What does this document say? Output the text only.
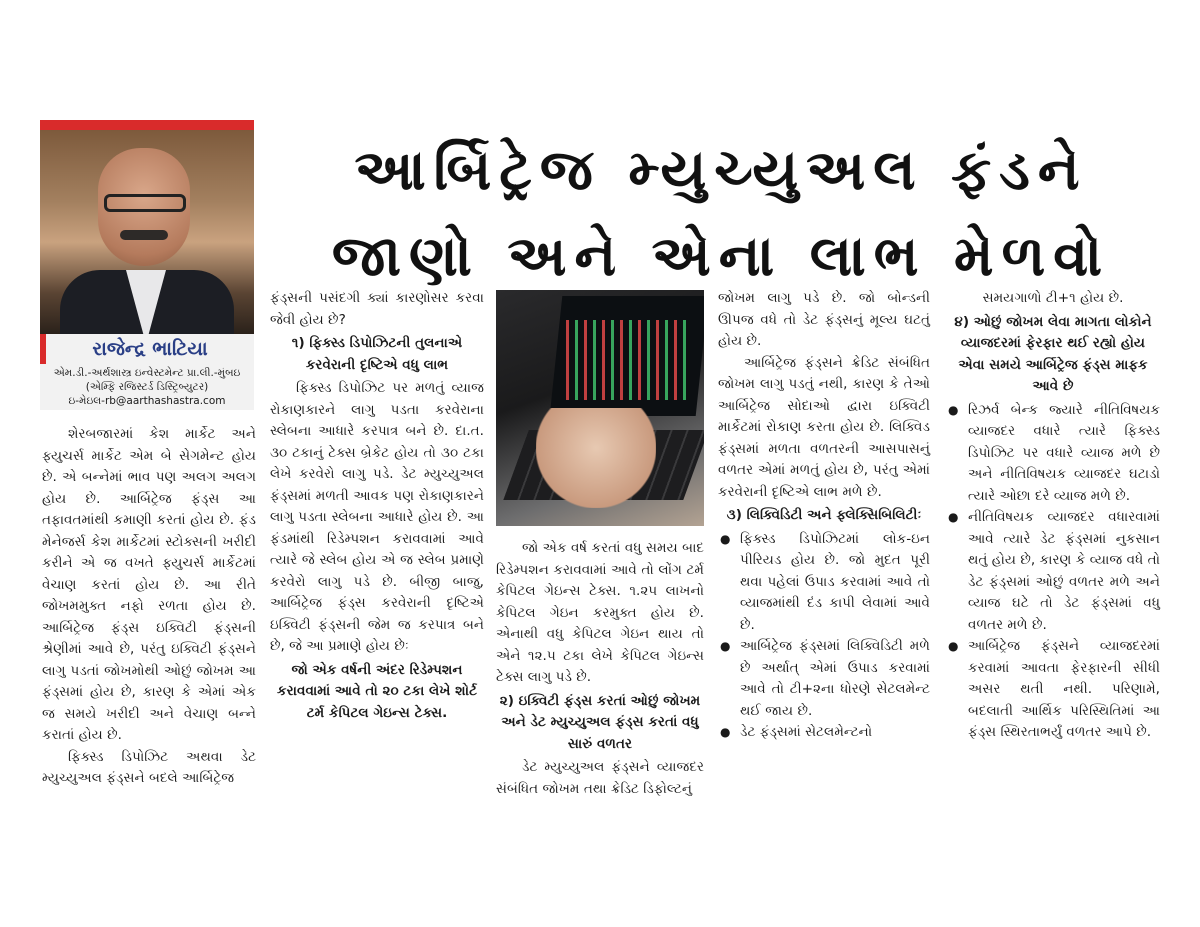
રાજેન્દ્ર ભાટિયા
એમ.ડી.-અર્થશાસ્ત્ર ઇન્વેસ્ટમેન્ટ પ્રા.લી.-મુંબઇ
(એમ્ફિ રજિસ્ટર્ડ ડિસ્ટ્રિબ્યુટર)
ઇ-મેઇલ-rb@aarthashastra.com
આર્બિટ્રેજ મ્યુચ્યુઅલ ફંડને
જાણો અને એના લાભ મેળવો

શેરબજારમાં કેશ માર્કેટ અને ફ્યુચર્સ માર્કેટ એમ બે સેગમેન્ટ હોય છે. એ બન્નેમાં ભાવ પણ અલગ અલગ હોય છે. આર્બિટ્રેજ ફંડ્સ આ તફાવતમાંથી કમાણી કરતાં હોય છે. ફંડ મેનેજર્સ કેશ માર્કેટમાં સ્ટોક્સની ખરીદી કરીને એ જ વખતે ફ્યુચર્સ માર્કેટમાં વેચાણ કરતાં હોય છે. આ રીતે જોખમમુક્ત નફો રળતા હોય છે. આર્બિટ્રેજ ફંડ્સ ઇક્વિટી ફંડ્સની શ્રેણીમાં આવે છે, પરંતુ ઇક્વિટી ફંડ્સને લાગુ પડતાં જોખમોથી ઓછું જોખમ આ ફંડ્સમાં હોય છે, કારણ કે એમાં એક જ સમયે ખરીદી અને વેચાણ બન્ને કરાતાં હોય છે.

ફિક્સ્ડ ડિપોઝિટ અથવા ડેટ મ્યુચ્યુઅલ ફંડ્સને બદલે આર્બિટ્રેજ

ફંડ્સની પસંદગી ક્યાં કારણોસર કરવા જેવી હોય છે?

૧) ફિક્સ્ડ ડિપોઝિટની તુલનાએ કરવેરાની દૃષ્ટિએ વધુ લાભ

ફિક્સ્ડ ડિપોઝિટ પર મળતું વ્યાજ રોકાણકારને લાગુ પડતા કરવેરાના સ્લેબના આધારે કરપાત્ર બને છે. દા.ત. ૩૦ ટકાનું ટેક્સ બ્રેકેટ હોય તો ૩૦ ટકા લેખે કરવેરો લાગુ પડે. ડેટ મ્યુચ્યુઅલ ફંડ્સમાં મળતી આવક પણ રોકાણકારને લાગુ પડતા સ્લેબના આધારે હોય છે. આ ફંડમાંથી રિડેમ્પશન કરાવવામાં આવે ત્યારે જે સ્લેબ હોય એ જ સ્લેબ પ્રમાણે કરવેરો લાગુ પડે છે. બીજી બાજુ, આર્બિટ્રેજ ફંડ્સ કરવેરાની દૃષ્ટિએ ઇક્વિટી ફંડ્સની જેમ જ કરપાત્ર બને છે, જે આ પ્રમાણે હોય છેઃ

જો એક વર્ષની અંદર રિડેમ્પશન કરાવવામાં આવે તો ૨૦ ટકા લેખે શોર્ટ ટર્મ કેપિટલ ગેઇન્સ ટેક્સ.

જો એક વર્ષ કરતાં વધુ સમય બાદ રિડેમ્પશન કરાવવામાં આવે તો લોંગ ટર્મ કેપિટલ ગેઇન્સ ટેક્સ. ૧.૨૫ લાખનો કેપિટલ ગેઇન કરમુક્ત હોય છે. એનાથી વધુ કેપિટલ ગેઇન થાય તો એને ૧૨.૫ ટકા લેખે કેપિટલ ગેઇન્સ ટેક્સ લાગુ પડે છે.

૨) ઇક્વિટી ફંડ્સ કરતાં ઓછું જોખમ અને ડેટ મ્યુચ્યુઅલ ફંડ્સ કરતાં વધુ સારું વળતર

ડેટ મ્યુચ્યુઅલ ફંડ્સને વ્યાજદર સંબંધિત જોખમ તથા ક્રેડિટ ડિફોલ્ટનું

જોખમ લાગુ પડે છે. જો બોન્ડની ઊપજ વધે તો ડેટ ફંડ્સનું મૂલ્ય ઘટતું હોય છે.

આર્બિટ્રેજ ફંડ્સને ક્રેડિટ સંબંધિત જોખમ લાગુ પડતું નથી, કારણ કે તેઓ આર્બિટ્રેજ સોદાઓ દ્વારા ઇક્વિટી માર્કેટમાં રોકાણ કરતા હોય છે. લિક્વિડ ફંડ્સમાં મળતા વળતરની આસપાસનું વળતર એમાં મળતું હોય છે, પરંતુ એમાં કરવેરાની દૃષ્ટિએ લાભ મળે છે.

૩) લિક્વિડિટી અને ફ્લેક્સિબિલિટીઃ
● ફિક્સ્ડ ડિપોઝિટમાં લોક-ઇન પીરિયડ હોય છે. જો મુદત પૂરી થવા પહેલાં ઉપાડ કરવામાં આવે તો વ્યાજમાંથી દંડ કાપી લેવામાં આવે છે.
● આર્બિટ્રેજ ફંડ્સમાં લિક્વિડિટી મળે છે અર્થાત્ એમાં ઉપાડ કરવામાં આવે તો ટી+૨ના ધોરણે સેટલમેન્ટ થઈ જાય છે.
● ડેટ ફંડ્સમાં સેટલમેન્ટનો

સમયગાળો ટી+૧ હોય છે.

૪) ઓછું જોખમ લેવા માગતા લોકોને વ્યાજદરમાં ફેરફાર થઈ રહ્યો હોય એવા સમયે આર્બિટ્રેજ ફંડ્સ માફક આવે છે
● રિઝર્વ બેન્ક જ્યારે નીતિવિષયક વ્યાજદર વધારે ત્યારે ફિક્સ્ડ ડિપોઝિટ પર વધારે વ્યાજ મળે છે અને નીતિવિષયક વ્યાજદર ઘટાડો ત્યારે ઓછા દરે વ્યાજ મળે છે.
● નીતિવિષયક વ્યાજદર વધારવામાં આવે ત્યારે ડેટ ફંડ્સમાં નુકસાન થતું હોય છે, કારણ કે વ્યાજ વધે તો ડેટ ફંડ્સમાં ઓછું વળતર મળે અને વ્યાજ ઘટે તો ડેટ ફંડ્સમાં વધુ વળતર મળે છે.
● આર્બિટ્રેજ ફંડ્સને વ્યાજદરમાં કરવામાં આવતા ફેરફારની સીધી અસર થતી નથી. પરિણામે, બદલાતી આર્થિક પરિસ્થિતિમાં આ ફંડ્સ સ્થિરતાભર્યું વળતર આપે છે.
